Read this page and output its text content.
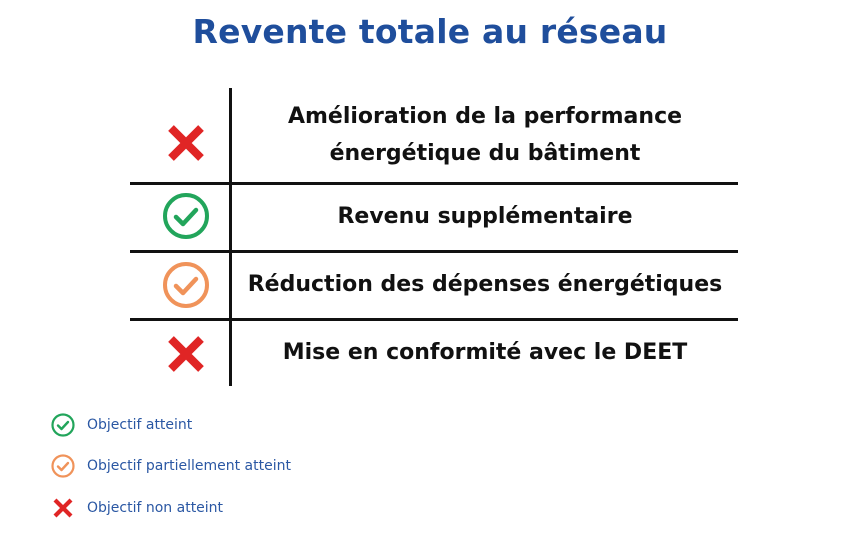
Revente totale au réseau
Amélioration de la performance
énergétique du bâtiment
Revenu supplémentaire
Réduction des dépenses énergétiques
Mise en conformité avec le DEET
Objectif atteint
Objectif partiellement atteint
Objectif non atteint
